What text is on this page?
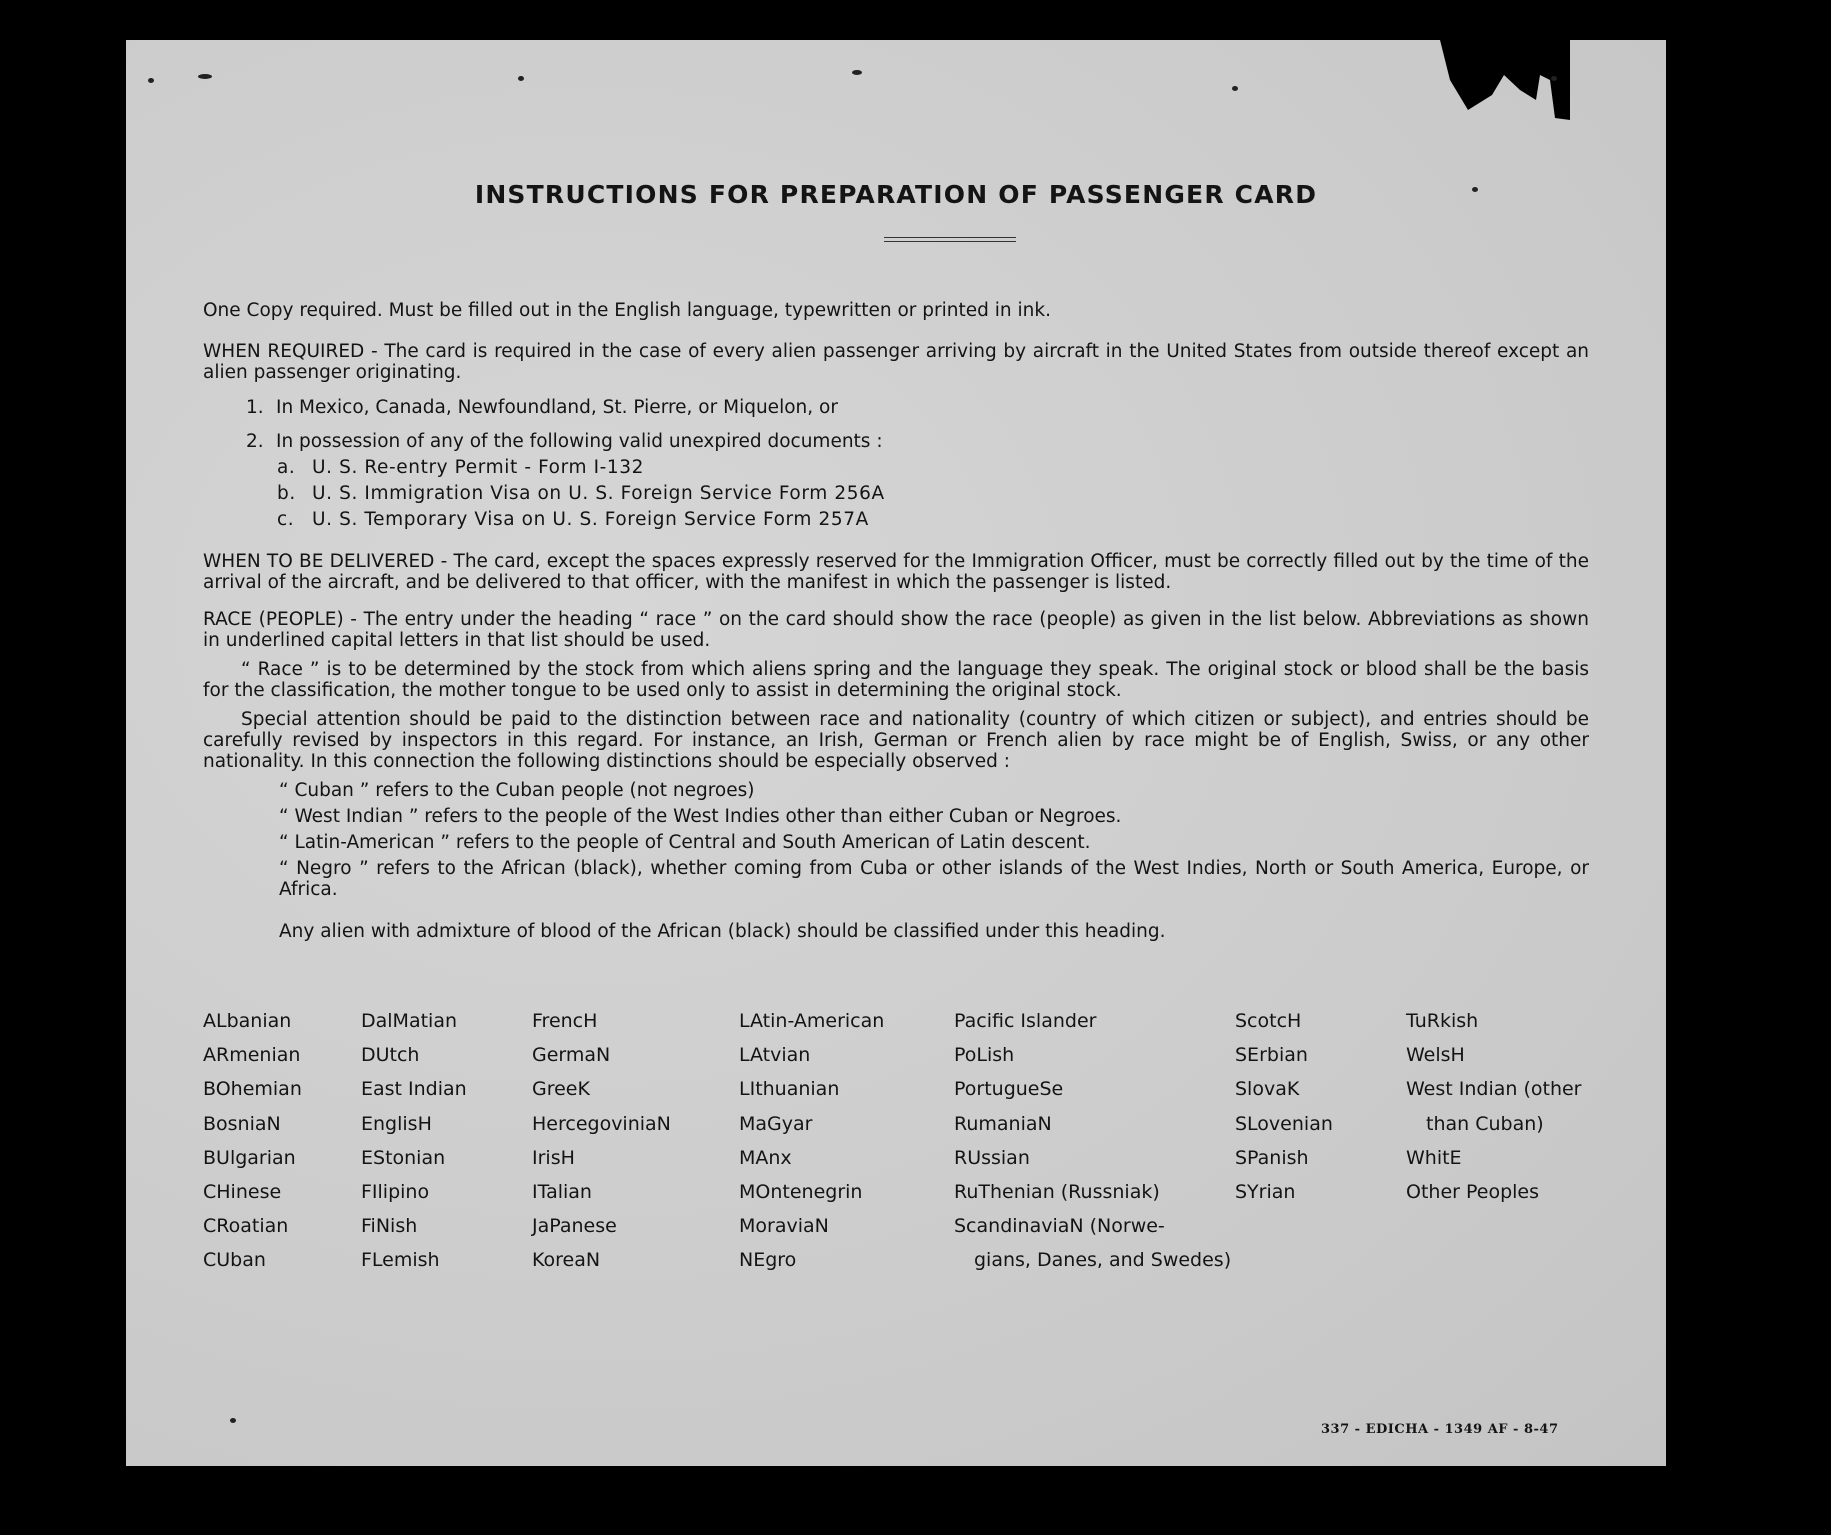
INSTRUCTIONS FOR PREPARATION OF PASSENGER CARD
One Copy required. Must be filled out in the English language, typewritten or printed in ink.
WHEN REQUIRED - The card is required in the case of every alien passenger arriving by aircraft in the United States from outside thereof except an alien passenger originating.
1. In Mexico, Canada, Newfoundland, St. Pierre, or Miquelon, or
2. In possession of any of the following valid unexpired documents :
a. U. S. Re-entry Permit - Form I-132
b. U. S. Immigration Visa on U. S. Foreign Service Form 256A
c. U. S. Temporary Visa on U. S. Foreign Service Form 257A
WHEN TO BE DELIVERED - The card, except the spaces expressly reserved for the Immigration Officer, must be correctly filled out by the time of the arrival of the aircraft, and be delivered to that officer, with the manifest in which the passenger is listed.
RACE (PEOPLE) - The entry under the heading “ race ” on the card should show the race (people) as given in the list below. Abbreviations as shown in underlined capital letters in that list should be used.
“ Race ” is to be determined by the stock from which aliens spring and the language they speak. The original stock or blood shall be the basis for the classification, the mother tongue to be used only to assist in determining the original stock.
Special attention should be paid to the distinction between race and nationality (country of which citizen or subject), and entries should be carefully revised by inspectors in this regard. For instance, an Irish, German or French alien by race might be of English, Swiss, or any other nationality. In this connection the following distinctions should be especially observed :
“ Cuban ” refers to the Cuban people (not negroes)
“ West Indian ” refers to the people of the West Indies other than either Cuban or Negroes.
“ Latin-American ” refers to the people of Central and South American of Latin descent.
“ Negro ” refers to the African (black), whether coming from Cuba or other islands of the West Indies, North or South America, Europe, or Africa.
Any alien with admixture of blood of the African (black) should be classified under this heading.
ALbanian
ARmenian
BOhemian
BosniaN
BUlgarian
CHinese
CRoatian
CUban
DalMatian
DUtch
East Indian
EnglisH
EStonian
FIlipino
FiNish
FLemish
FrencH
GermaN
GreeK
HercegoviniaN
IrisH
ITalian
JaPanese
KoreaN
LAtin-American
LAtvian
LIthuanian
MaGyar
MAnx
MOntenegrin
MoraviaN
NEgro
Pacific Islander
PoLish
PortugueSe
RumaniaN
RUssian
RuThenian (Russniak)
ScandinaviaN (Norwe-
gians, Danes, and Swedes)
ScotcH
SErbian
SlovaK
SLovenian
SPanish
SYrian
TuRkish
WelsH
West Indian (other
than Cuban)
WhitE
Other Peoples
337 - EDICHA - 1349 AF - 8-47
